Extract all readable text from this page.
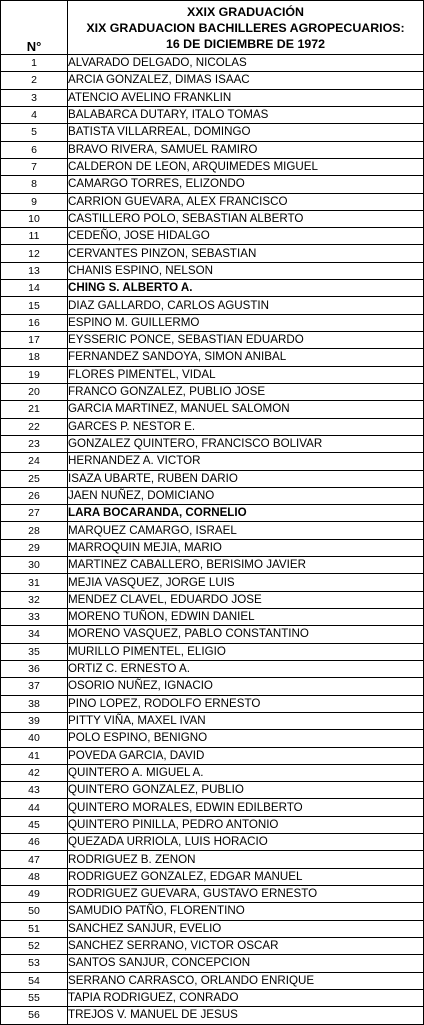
N°	XXIX GRADUACIÓN
XIX GRADUACION BACHILLERES AGROPECUARIOS:
16 DE DICIEMBRE DE 1972

1	ALVARADO DELGADO, NICOLAS
2	ARCIA GONZALEZ, DIMAS ISAAC
3	ATENCIO AVELINO FRANKLIN
4	BALABARCA DUTARY, ITALO TOMAS
5	BATISTA VILLARREAL, DOMINGO
6	BRAVO RIVERA, SAMUEL RAMIRO
7	CALDERON DE LEON, ARQUIMEDES MIGUEL
8	CAMARGO TORRES, ELIZONDO
9	CARRION GUEVARA, ALEX FRANCISCO
10	CASTILLERO POLO, SEBASTIAN ALBERTO
11	CEDEÑO, JOSE HIDALGO
12	CERVANTES PINZON, SEBASTIAN
13	CHANIS ESPINO, NELSON
14	CHING S. ALBERTO A.
15	DIAZ GALLARDO, CARLOS AGUSTIN
16	ESPINO M. GUILLERMO
17	EYSSERIC PONCE, SEBASTIAN EDUARDO
18	FERNANDEZ SANDOYA, SIMON ANIBAL
19	FLORES PIMENTEL, VIDAL
20	FRANCO GONZALEZ, PUBLIO JOSE
21	GARCIA MARTINEZ, MANUEL SALOMON
22	GARCES P. NESTOR E.
23	GONZALEZ QUINTERO, FRANCISCO BOLIVAR
24	HERNANDEZ A. VICTOR
25	ISAZA UBARTE, RUBEN DARIO
26	JAEN NUÑEZ, DOMICIANO
27	LARA BOCARANDA, CORNELIO
28	MARQUEZ CAMARGO, ISRAEL
29	MARROQUIN MEJIA, MARIO
30	MARTINEZ CABALLERO, BERISIMO JAVIER
31	MEJIA VASQUEZ, JORGE LUIS
32	MENDEZ CLAVEL, EDUARDO JOSE
33	MORENO TUÑON, EDWIN DANIEL
34	MORENO VASQUEZ, PABLO CONSTANTINO
35	MURILLO PIMENTEL, ELIGIO
36	ORTIZ C. ERNESTO A.
37	OSORIO NUÑEZ, IGNACIO
38	PINO LOPEZ, RODOLFO ERNESTO
39	PITTY VIÑA, MAXEL IVAN
40	POLO ESPINO, BENIGNO
41	POVEDA GARCIA, DAVID
42	QUINTERO A. MIGUEL A.
43	QUINTERO GONZALEZ, PUBLIO
44	QUINTERO MORALES, EDWIN EDILBERTO
45	QUINTERO PINILLA, PEDRO ANTONIO
46	QUEZADA URRIOLA, LUIS HORACIO
47	RODRIGUEZ B. ZENON
48	RODRIGUEZ GONZALEZ, EDGAR MANUEL
49	RODRIGUEZ GUEVARA, GUSTAVO ERNESTO
50	SAMUDIO PATÑO, FLORENTINO
51	SANCHEZ SANJUR, EVELIO
52	SANCHEZ SERRANO, VICTOR OSCAR
53	SANTOS SANJUR, CONCEPCION
54	SERRANO CARRASCO, ORLANDO ENRIQUE
55	TAPIA RODRIGUEZ, CONRADO
56	TREJOS V. MANUEL DE JESUS
